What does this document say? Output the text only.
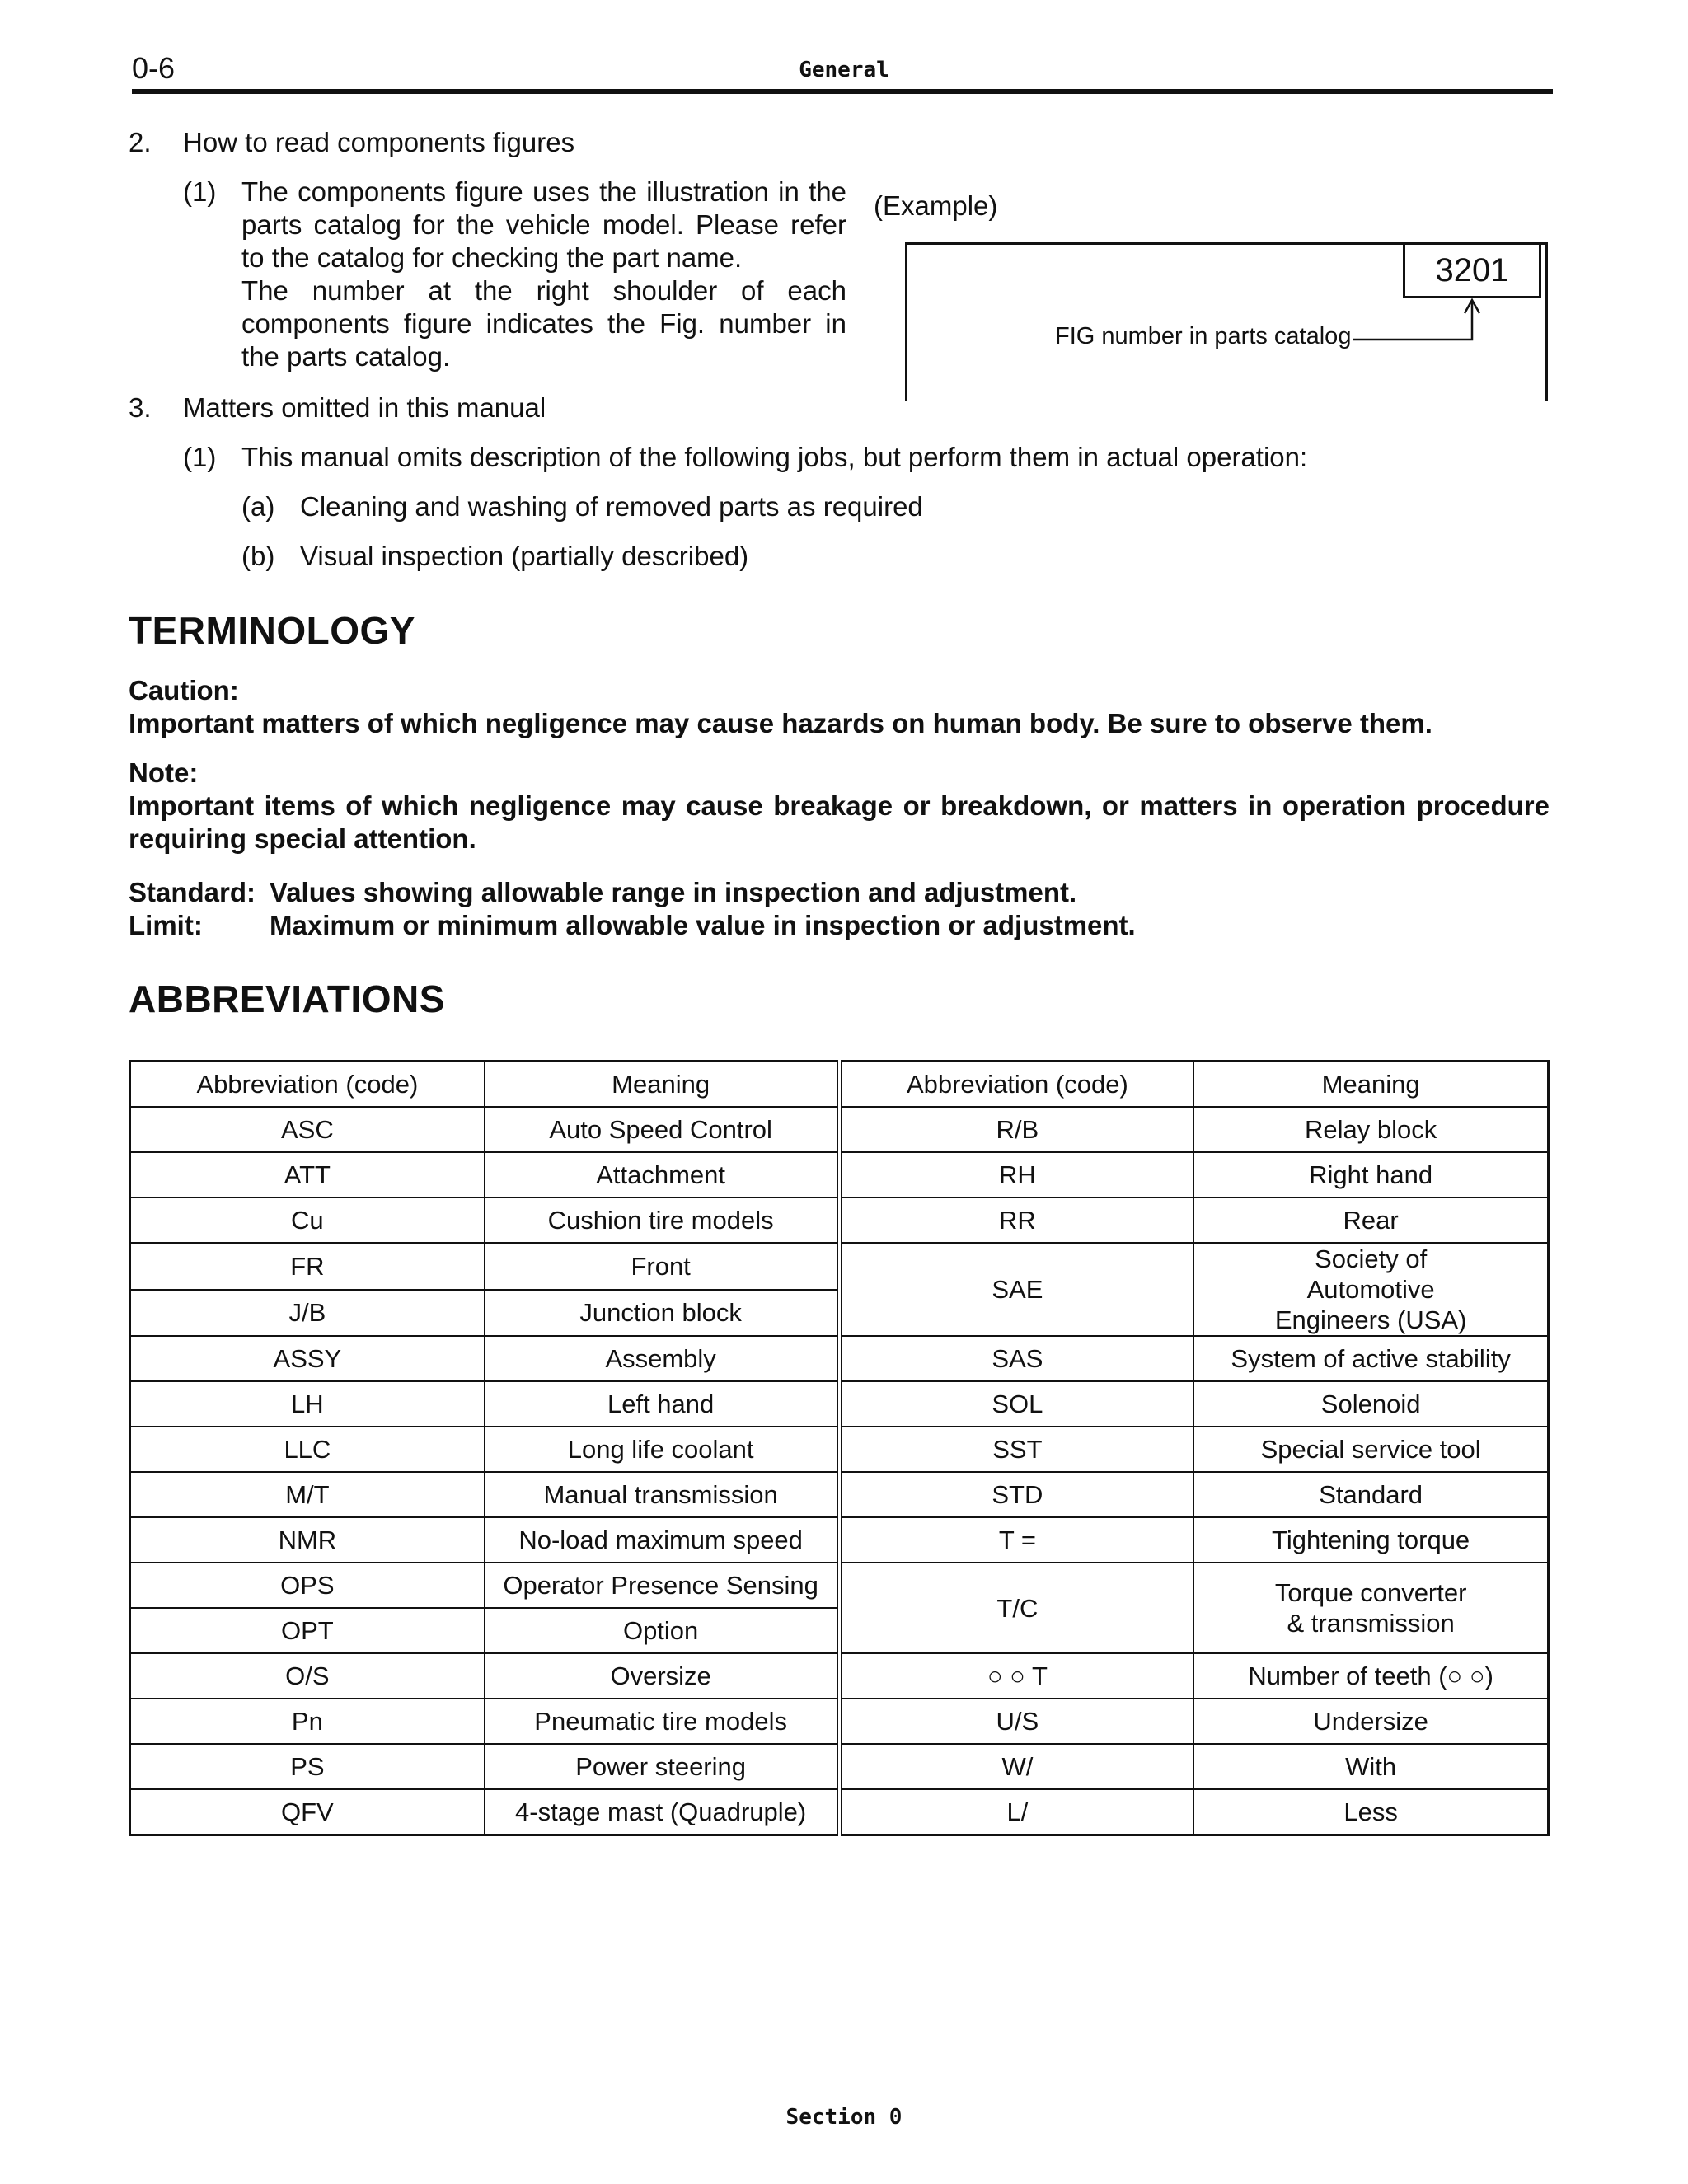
0-6	General
2. How to read components figures
(1) The components figure uses the illustration in the
parts catalog for the vehicle model. Please refer
to the catalog for checking the part name.
The number at the right shoulder of each
components figure indicates the Fig. number in
the parts catalog.
(Example)
3201
FIG number in parts catalog
3. Matters omitted in this manual
(1) This manual omits description of the following jobs, but perform them in actual operation:
(a) Cleaning and washing of removed parts as required
(b) Visual inspection (partially described)
TERMINOLOGY
Caution:
Important matters of which negligence may cause hazards on human body. Be sure to observe them.
Note:
Important items of which negligence may cause breakage or breakdown, or matters in operation procedure
requiring special attention.
Standard: Values showing allowable range in inspection and adjustment.
Limit: Maximum or minimum allowable value in inspection or adjustment.
ABBREVIATIONS
Abbreviation (code)	Meaning	Abbreviation (code)	Meaning
ASC	Auto Speed Control	R/B	Relay block
ATT	Attachment	RH	Right hand
Cu	Cushion tire models	RR	Rear
FR	Front	SAE	Society of Automotive Engineers (USA)
J/B	Junction block		
ASSY	Assembly	SAS	System of active stability
LH	Left hand	SOL	Solenoid
LLC	Long life coolant	SST	Special service tool
M/T	Manual transmission	STD	Standard
NMR	No-load maximum speed	T =	Tightening torque
OPS	Operator Presence Sensing	T/C	Torque converter & transmission
OPT	Option		
O/S	Oversize	○ ○ T	Number of teeth (○ ○)
Pn	Pneumatic tire models	U/S	Undersize
PS	Power steering	W/	With
QFV	4-stage mast (Quadruple)	L/	Less
Section 0
